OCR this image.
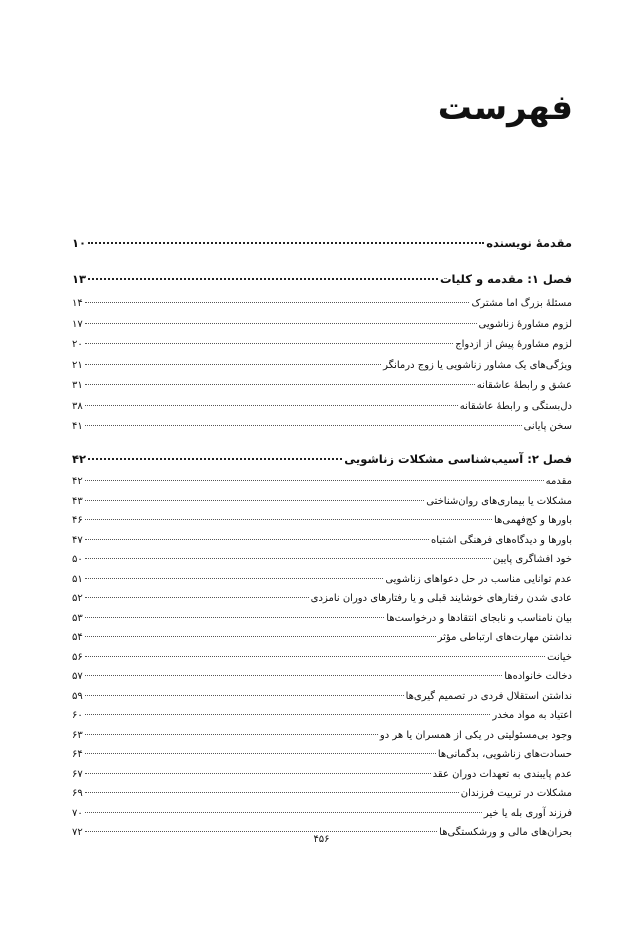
فهرست
مقدمهٔ نویسنده
۱۰
فصل ۱: مقدمه و کلیات
۱۳
مسئلهٔ بزرگ اما مشترک
۱۴
لزوم مشاورهٔ زناشویی
۱۷
لزوم مشاورهٔ پیش از ازدواج
۲۰
ویژگی‌های یک مشاور زناشویی یا زوج درمانگر
۲۱
عشق و رابطهٔ عاشقانه
۳۱
دل‌بستگی و رابطهٔ عاشقانه
۳۸
سخن پایانی
۴۱
فصل ۲: آسیب‌شناسی مشکلات زناشویی
۴۲
مقدمه
۴۲
مشکلات یا بیماری‌های روان‌شناختی
۴۳
باورها و کج‌فهمی‌ها
۴۶
باورها و دیدگاه‌های فرهنگی اشتباه
۴۷
خود افشاگری پایین
۵۰
عدم توانایی مناسب در حل دعواهای زناشویی
۵۱
عادی شدن رفتارهای خوشایند قبلی و یا رفتارهای دوران نامزدی
۵۲
بیان نامناسب و نابجای انتقادها و درخواست‌ها
۵۳
نداشتن مهارت‌های ارتباطی مؤثر
۵۴
خیانت
۵۶
دخالت خانواده‌ها
۵۷
نداشتن استقلال فردی در تصمیم گیری‌ها
۵۹
اعتیاد به مواد مخدر
۶۰
وجود بی‌مسئولیتی در یکی از همسران یا هر دو
۶۳
حسادت‌های زناشویی، بدگمانی‌ها
۶۴
عدم پایبندی به تعهدات دوران عقد
۶۷
مشکلات در تربیت فرزندان
۶۹
فرزند آوری بله یا خیر
۷۰
بحران‌های مالی و ورشکستگی‌ها
۷۲
۴۵۶
